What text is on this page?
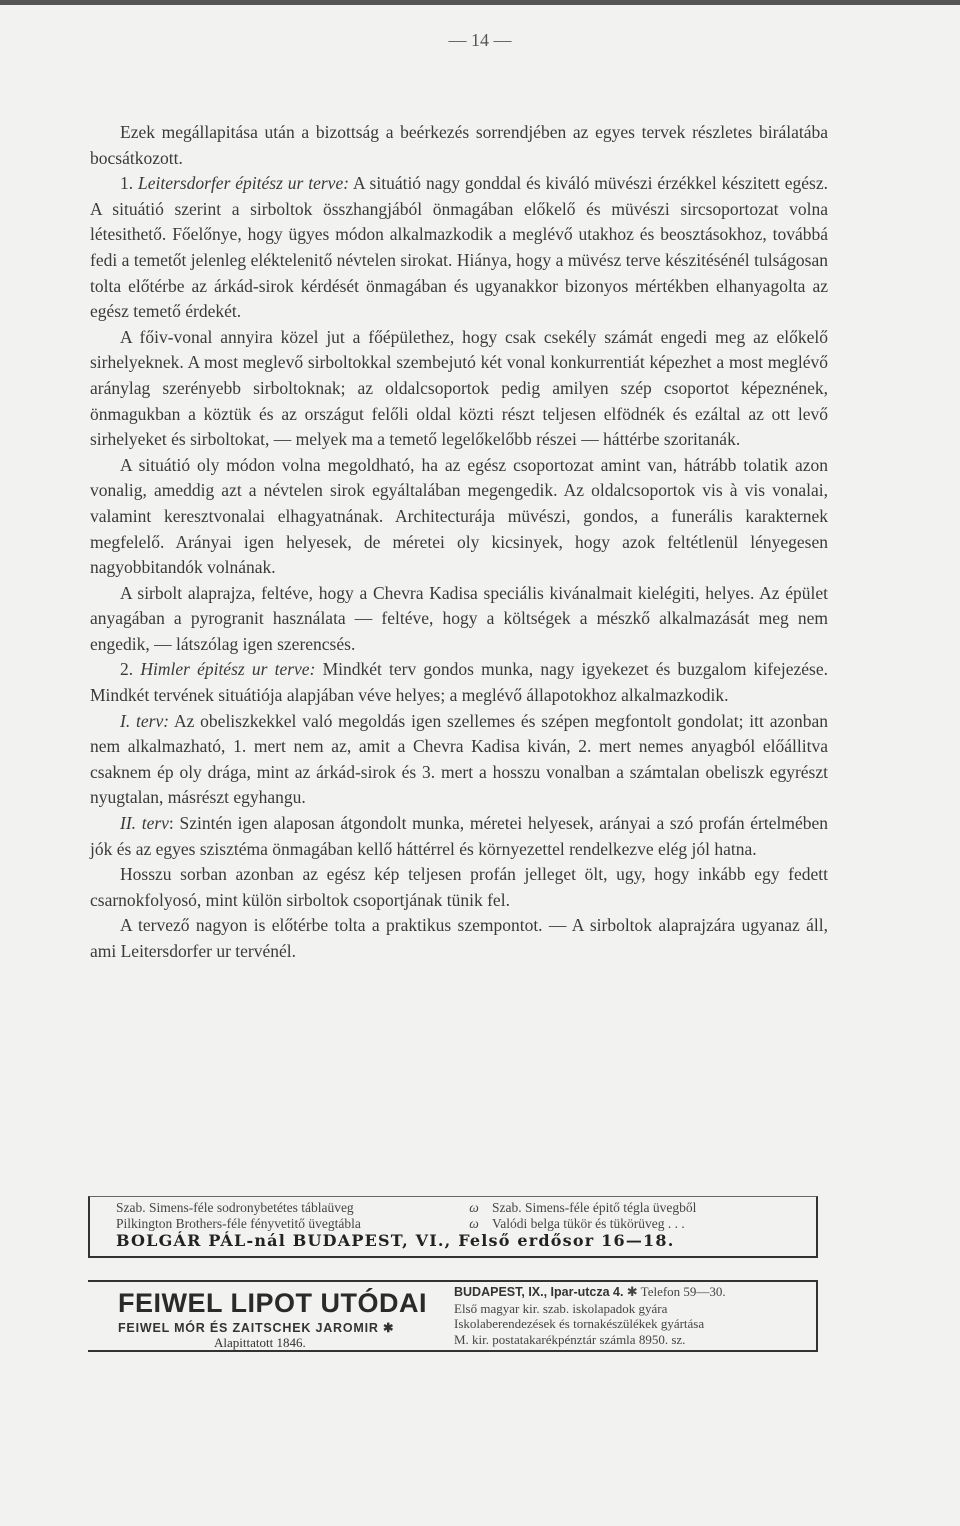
— 14 —

Ezek megállapitása után a bizottság a beérkezés sorrendjében az egyes tervek részletes birálatába bocsátkozott.

1. Leitersdorfer épitész ur terve: A situátió nagy gonddal és kiváló müvészi érzékkel készitett egész. A situátió szerint a sirboltok összhangjából önmagában előkelő és müvészi sircsoportozat volna létesithető. Főelőnye, hogy ügyes módon alkalmazkodik a meglévő utakhoz és beosztásokhoz, továbbá fedi a temetőt jelenleg eléktelenitő névtelen sirokat. Hiánya, hogy a müvész terve készitésénél tulságosan tolta előtérbe az árkád-sirok kérdését önmagában és ugyanakkor bizonyos mértékben elhanyagolta az egész temető érdekét.

A főiv-vonal annyira közel jut a főépülethez, hogy csak csekély számát engedi meg az előkelő sirhelyeknek. A most meglevő sirboltokkal szembejutó két vonal konkurrentiát képezhet a most meglévő aránylag szerényebb sirboltoknak; az oldalcsoportok pedig amilyen szép csoportot képeznének, önmagukban a köztük és az országut felőli oldal közti részt teljesen elfödnék és ezáltal az ott levő sirhelyeket és sirboltokat, — melyek ma a temető legelőkelőbb részei — háttérbe szoritanák.

A situátió oly módon volna megoldható, ha az egész csoportozat amint van, hátrább tolatik azon vonalig, ameddig azt a névtelen sirok egyáltalában megengedik. Az oldalcsoportok vis à vis vonalai, valamint keresztvonalai elhagyatnának. Architecturája müvészi, gondos, a funerális karakternek megfelelő. Arányai igen helyesek, de méretei oly kicsinyek, hogy azok feltétlenül lényegesen nagyobbitandók volnának.

A sirbolt alaprajza, feltéve, hogy a Chevra Kadisa speciális kivánalmait kielégiti, helyes. Az épület anyagában a pyrogranit használata — feltéve, hogy a költségek a mészkő alkalmazását meg nem engedik, — látszólag igen szerencsés.

2. Himler épitész ur terve: Mindkét terv gondos munka, nagy igyekezet és buzgalom kifejezése. Mindkét tervének situátiója alapjában véve helyes; a meglévő állapotokhoz alkalmazkodik.

I. terv: Az obeliszkekkel való megoldás igen szellemes és szépen megfontolt gondolat; itt azonban nem alkalmazható, 1. mert nem az, amit a Chevra Kadisa kiván, 2. mert nemes anyagból előállitva csaknem ép oly drága, mint az árkád-sirok és 3. mert a hosszu vonalban a számtalan obeliszk egyrészt nyugtalan, másrészt egyhangu.

II. terv: Szintén igen alaposan átgondolt munka, méretei helyesek, arányai a szó profán értelmében jók és az egyes szisztéma önmagában kellő háttérrel és környezettel rendelkezve elég jól hatna.

Hosszu sorban azonban az egész kép teljesen profán jelleget ölt, ugy, hogy inkább egy fedett csarnokfolyosó, mint külön sirboltok csoportjának tünik fel.

A tervező nagyon is előtérbe tolta a praktikus szempontot. — A sirboltok alaprajzára ugyanaz áll, ami Leitersdorfer ur tervénél.

Szab. Simens-féle sodronybetétes táblaüveg	ω Szab. Simens-féle épitő tégla üvegből
Pilkington Brothers-féle fényvetitő üvegtábla	ω Valódi belga tükör és tükörüveg . . .
BOLGÁR PÁL-nál BUDAPEST, VI., Felső erdősor 16—18.
FEIWEL LIPOT UTÓDAI
FEIWEL MÓR ÉS ZAITSCHEK JAROMIR ✱
Alapittatott 1846.
BUDAPEST, IX., Ipar-utcza 4. ✱ Telefon 59—30.
Első magyar kir. szab. iskolapadok gyára
Iskolaberendezések és tornakészülékek gyártása
M. kir. postatakarékpénztár számla 8950. sz.
